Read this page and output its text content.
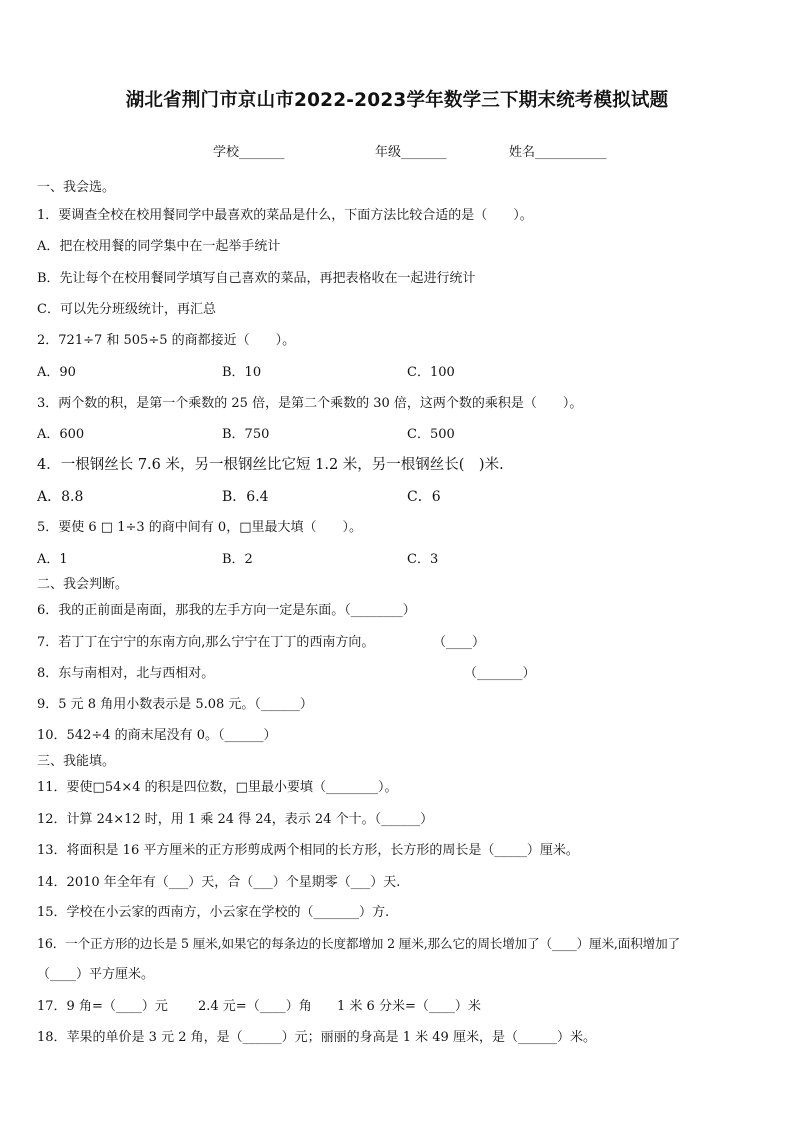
湖北省荆门市京山市2022-2023学年数学三下期末统考模拟试题
学校_______	年级_______	姓名___________
一、我会选。
1．要调查全校在校用餐同学中最喜欢的菜品是什么，下面方法比较合适的是（　　）。
A．把在校用餐的同学集中在一起举手统计
B．先让每个在校用餐同学填写自己喜欢的菜品，再把表格收在一起进行统计
C．可以先分班级统计，再汇总
2．721÷7 和 505÷5 的商都接近（　　）。
A．90	B．10	C．100
3．两个数的积，是第一个乘数的 25 倍，是第二个乘数的 30 倍，这两个数的乘积是（　　）。
A．600	B．750	C．500
4．一根钢丝长 7.6 米，另一根钢丝比它短 1.2 米，另一根钢丝长(　)米.
A．8.8	B．6.4	C．6
5．要使 6 □ 1÷3 的商中间有 0，□里最大填（　　）。
A．1	B．2	C．3
二、我会判断。
6．我的正前面是南面，那我的左手方向一定是东面。（________）
7．若丁丁在宁宁的东南方向,那么宁宁在丁丁的西南方向。	（____）
8．东与南相对，北与西相对。	（_______）
9．5 元 8 角用小数表示是 5.08 元。（______）
10．542÷4 的商末尾没有 0。（______）
三、我能填。
11．要使□54×4 的积是四位数，□里最小要填（________）。
12．计算 24×12 时，用 1 乘 24 得 24，表示 24 个十。（______）
13．将面积是 16 平方厘米的正方形剪成两个相同的长方形，长方形的周长是（_____）厘米。
14．2010 年全年有（___）天，合（___）个星期零（___）天.
15．学校在小云家的西南方，小云家在学校的（_______）方.
16．一个正方形的边长是 5 厘米,如果它的每条边的长度都增加 2 厘米,那么它的周长增加了（____）厘米,面积增加了
（____）平方厘米。
17．9 角=（____）元 2.4 元=（____）角 1 米 6 分米=（____）米
18．苹果的单价是 3 元 2 角，是（______）元；丽丽的身高是 1 米 49 厘米，是（______）米。
